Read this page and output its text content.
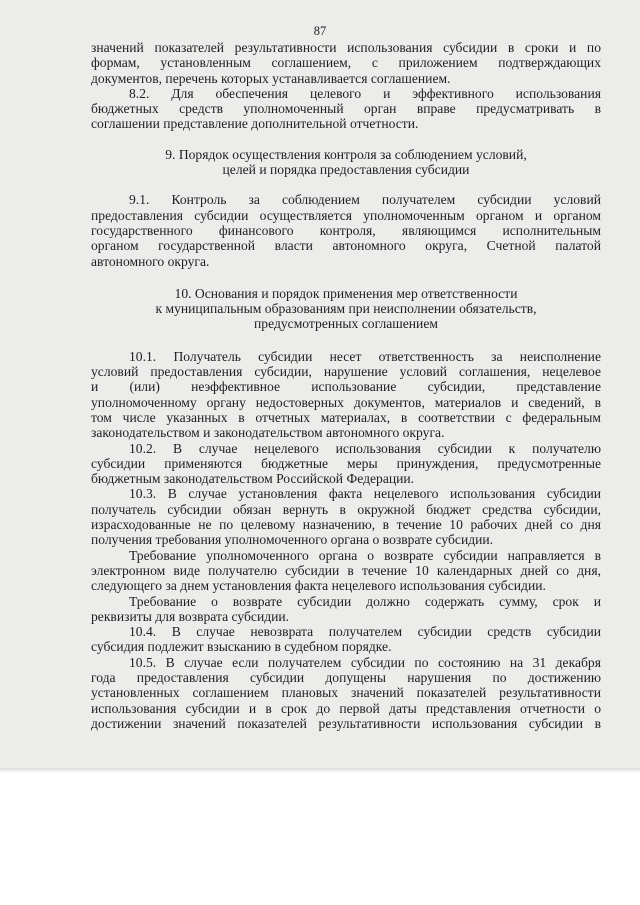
87
значений показателей результативности использования субсидии в сроки и по
формам, установленным соглашением, с приложением подтверждающих
документов, перечень которых устанавливается соглашением.
8.2. Для обеспечения целевого и эффективного использования
бюджетных средств уполномоченный орган вправе предусматривать в
соглашении представление дополнительной отчетности.
9. Порядок осуществления контроля за соблюдением условий,
целей и порядка предоставления субсидии
9.1. Контроль за соблюдением получателем субсидии условий
предоставления субсидии осуществляется уполномоченным органом и органом
государственного финансового контроля, являющимся исполнительным
органом государственной власти автономного округа, Счетной палатой
автономного округа.
10. Основания и порядок применения мер ответственности
к муниципальным образованиям при неисполнении обязательств,
предусмотренных соглашением
10.1. Получатель субсидии несет ответственность за неисполнение
условий предоставления субсидии, нарушение условий соглашения, нецелевое
и (или) неэффективное использование субсидии, представление
уполномоченному органу недостоверных документов, материалов и сведений, в
том числе указанных в отчетных материалах, в соответствии с федеральным
законодательством и законодательством автономного округа.
10.2. В случае нецелевого использования субсидии к получателю
субсидии применяются бюджетные меры принуждения, предусмотренные
бюджетным законодательством Российской Федерации.
10.3. В случае установления факта нецелевого использования субсидии
получатель субсидии обязан вернуть в окружной бюджет средства субсидии,
израсходованные не по целевому назначению, в течение 10 рабочих дней со дня
получения требования уполномоченного органа о возврате субсидии.
Требование уполномоченного органа о возврате субсидии направляется в
электронном виде получателю субсидии в течение 10 календарных дней со дня,
следующего за днем установления факта нецелевого использования субсидии.
Требование о возврате субсидии должно содержать сумму, срок и
реквизиты для возврата субсидии.
10.4. В случае невозврата получателем субсидии средств субсидии
субсидия подлежит взысканию в судебном порядке.
10.5. В случае если получателем субсидии по состоянию на 31 декабря
года предоставления субсидии допущены нарушения по достижению
установленных соглашением плановых значений показателей результативности
использования субсидии и в срок до первой даты представления отчетности о
достижении значений показателей результативности использования субсидии в
